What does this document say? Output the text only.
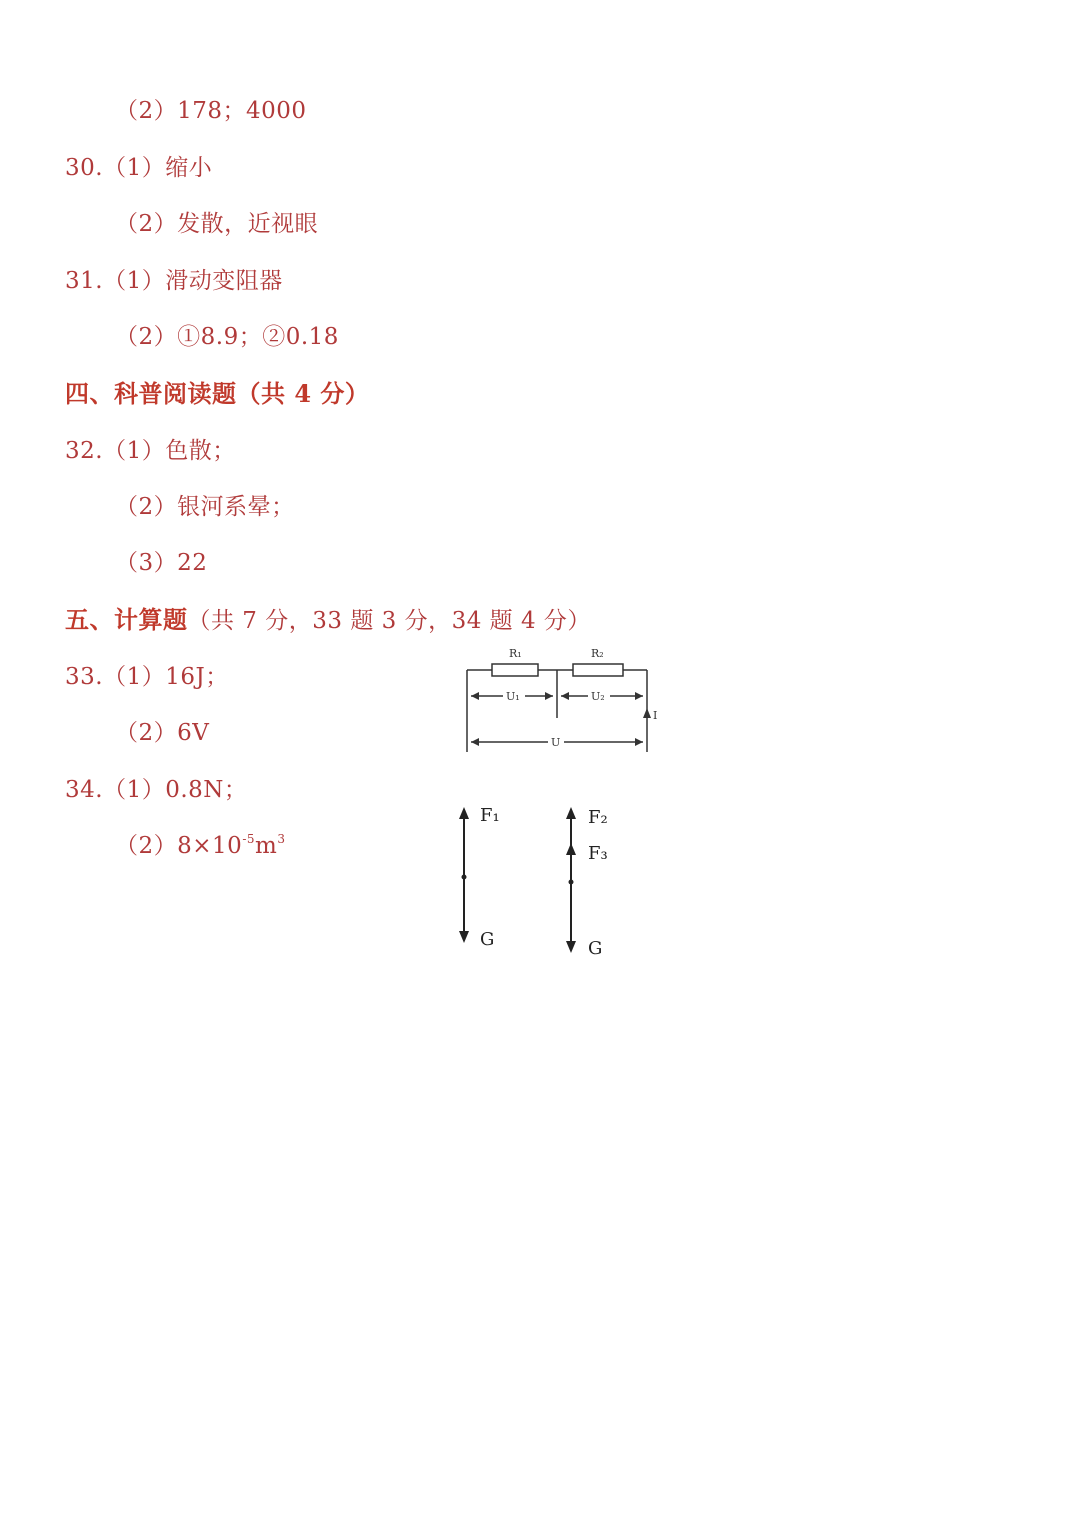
（2）178；4000
30.（1）缩小
（2）发散，近视眼
31.（1）滑动变阻器
（2）①8.9；②0.18
四、科普阅读题（共 4 分）
32.（1）色散；
（2）银河系晕；
（3）22
五、计算题（共 7 分，33 题 3 分，34 题 4 分）
33.（1）16J；
（2）6V
34.（1）0.8N；
$(2)8\times 10^{-5}m^3$
R₁	R₂
U₁	U₂
U
I
F₁
G
F₂
F₃
G
